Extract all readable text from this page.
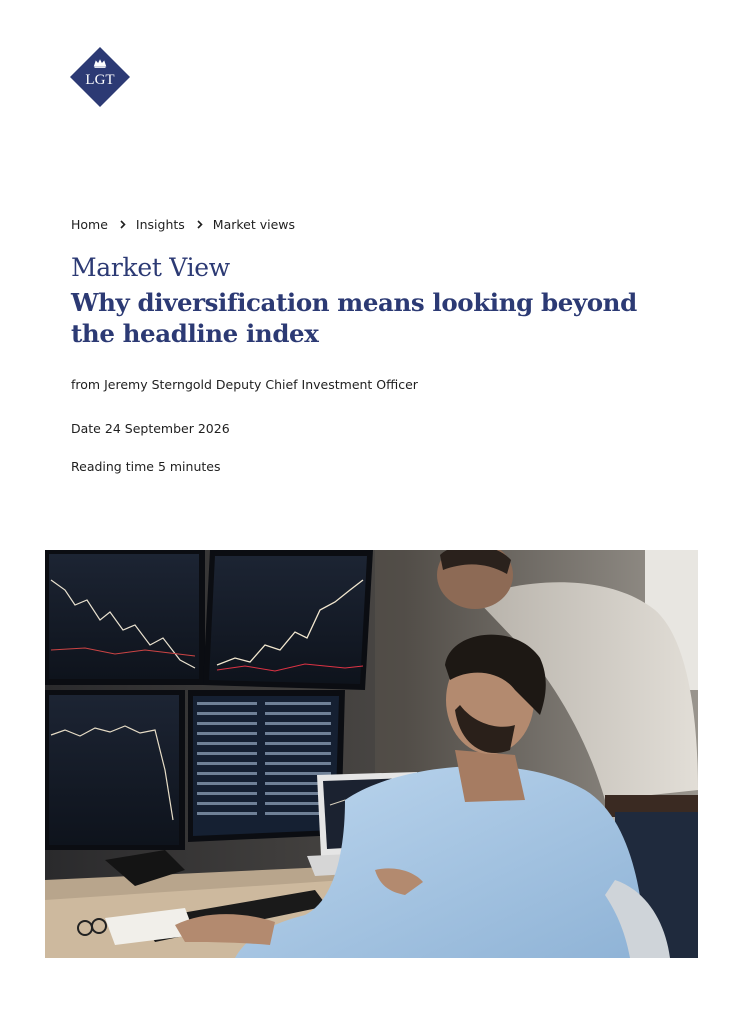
LGT
Home Insights Market views
Market View
Why diversification means looking beyond the headline index
from Jeremy Sterngold Deputy Chief Investment Officer
Date 24 September 2026
Reading time 5 minutes
